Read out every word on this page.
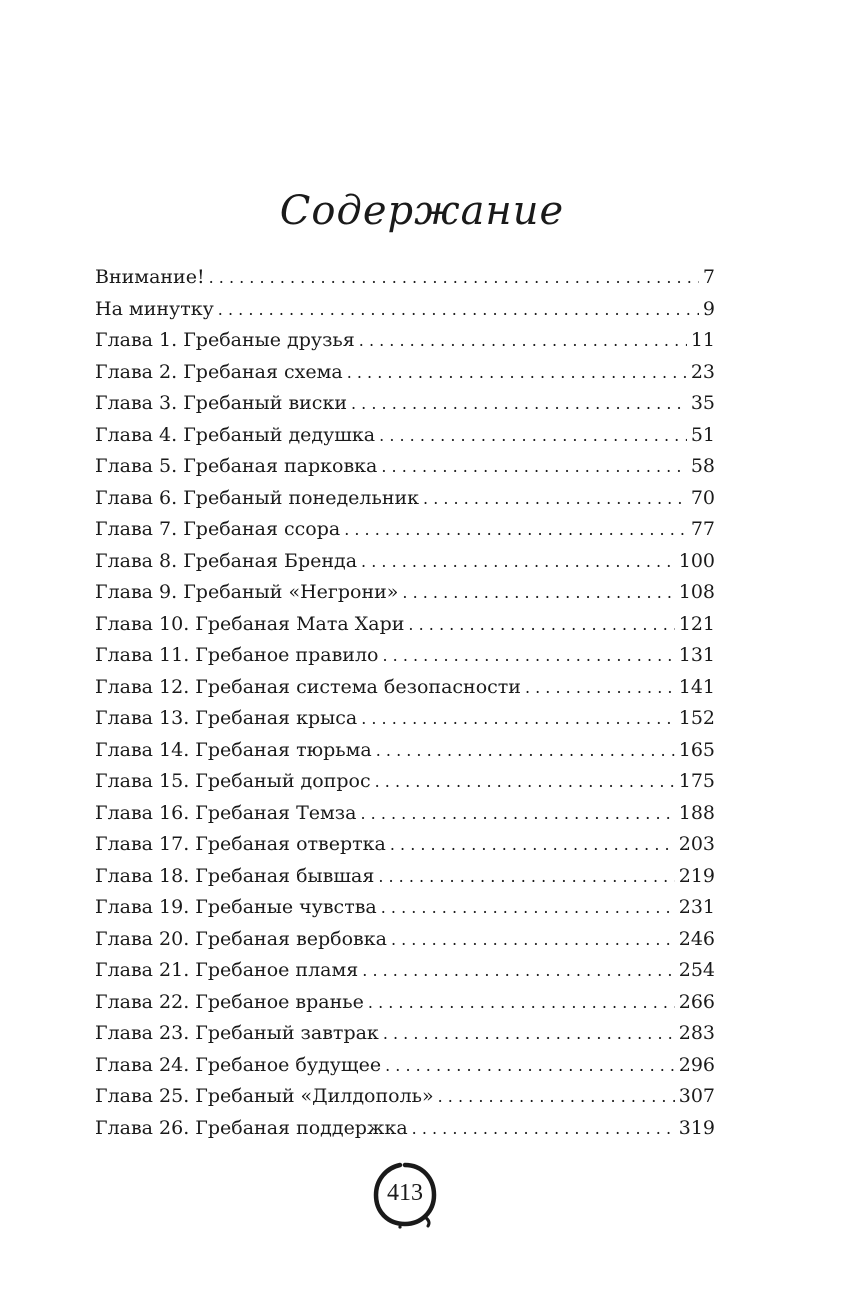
Содержание
Внимание! . . .	7
На минутку . . .	9
Глава 1. Гребаные друзья . . .	11
Глава 2. Гребаная схема . . .	23
Глава 3. Гребаный виски . . .	35
Глава 4. Гребаный дедушка . . .	51
Глава 5. Гребаная парковка . . .	58
Глава 6. Гребаный понедельник . . .	70
Глава 7. Гребаная ссора . . .	77
Глава 8. Гребаная Бренда . . .	100
Глава 9. Гребаный «Негрони» . . .	108
Глава 10. Гребаная Мата Хари . . .	121
Глава 11. Гребаное правило . . .	131
Глава 12. Гребаная система безопасности . . .	141
Глава 13. Гребаная крыса . . .	152
Глава 14. Гребаная тюрьма . . .	165
Глава 15. Гребаный допрос . . .	175
Глава 16. Гребаная Темза . . .	188
Глава 17. Гребаная отвертка . . .	203
Глава 18. Гребаная бывшая . . .	219
Глава 19. Гребаные чувства . . .	231
Глава 20. Гребаная вербовка . . .	246
Глава 21. Гребаное пламя . . .	254
Глава 22. Гребаное вранье . . .	266
Глава 23. Гребаный завтрак . . .	283
Глава 24. Гребаное будущее . . .	296
Глава 25. Гребаный «Дилдополь» . . .	307
Глава 26. Гребаная поддержка . . .	319
413
